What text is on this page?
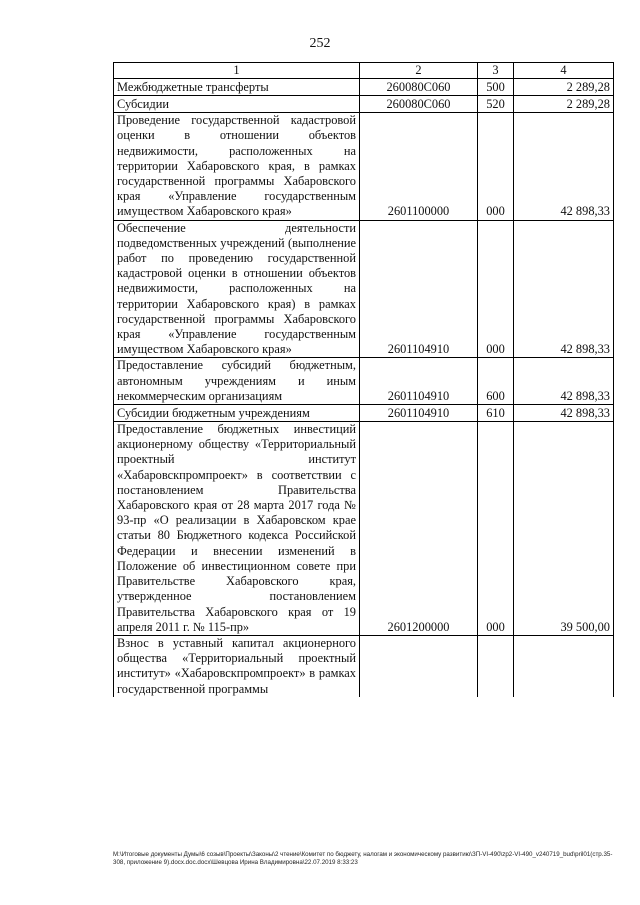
252
1	2	3	4
Межбюджетные трансферты	260080С060	500	2 289,28
Субсидии	260080С060	520	2 289,28
Проведение государственной кадастровой оценки в отношении объектов недвижимости, расположенных на территории Хабаровского края, в рамках государственной программы Хабаровского края «Управление государственным имуществом Хабаровского края»	2601100000	000	42 898,33
Обеспечение деятельности подведомственных учреждений (выполнение работ по проведению государственной кадастровой оценки в отношении объектов недвижимости, расположенных на территории Хабаровского края) в рамках государственной программы Хабаровского края «Управление государственным имуществом Хабаровского края»	2601104910	000	42 898,33
Предоставление субсидий бюджетным, автономным учреждениям и иным некоммерческим организациям	2601104910	600	42 898,33
Субсидии бюджетным учреждениям	2601104910	610	42 898,33
Предоставление бюджетных инвестиций акционерному обществу «Территориальный проектный институт «Хабаровскпромпроект» в соответствии с постановлением Правительства Хабаровского края от 28 марта 2017 года № 93-пр «О реализации в Хабаровском крае статьи 80 Бюджетного кодекса Российской Федерации и внесении изменений в Положение об инвестиционном совете при Правительстве Хабаровского края, утвержденное постановлением Правительства Хабаровского края от 19 апреля 2011 г. № 115-пр»	2601200000	000	39 500,00
Взнос в уставный капитал акционерного общества «Территориальный проектный институт» «Хабаровскпромпроект» в рамках государственной программы			
M:\Итоговые документы Думы\6 созыв\Проекты\Законы\2 чтение\Комитет по бюджету, налогам и экономическому развитию\ЗП-VI-490\zp2-VI-490_v240719_bud\pril01(стр.35-308, приложение 9).docx.doc.docx\Шевцова Ирина Владимировна\22.07.2019 8:33:23
